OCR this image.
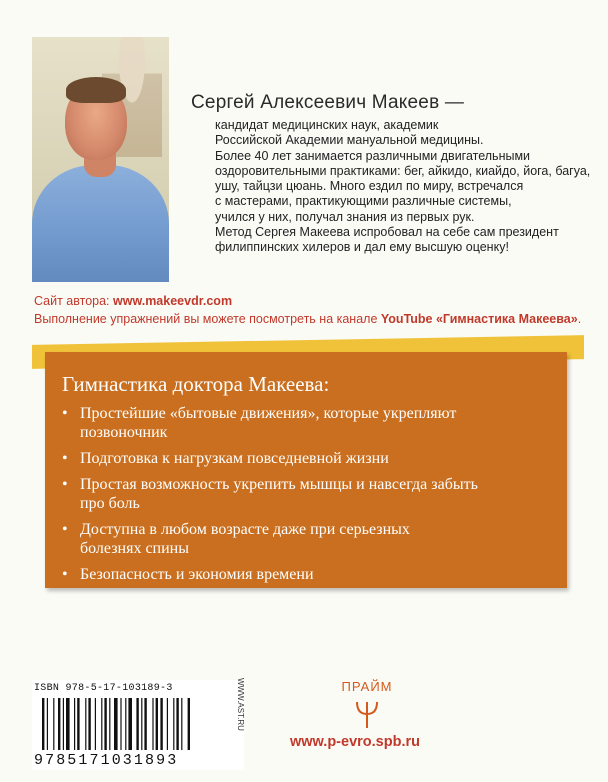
Сергей Алексеевич Макеев —
кандидат медицинских наук, академик
Российской Академии мануальной медицины.
Более 40 лет занимается различными двигательными
оздоровительными практиками: бег, айкидо, киайдо, йога, багуа,
ушу, тайцзи цюань. Много ездил по миру, встречался
с мастерами, практикующими различные системы,
учился у них, получал знания из первых рук.
Метод Сергея Макеева испробовал на себе сам президент
филиппинских хилеров и дал ему высшую оценку!
Сайт автора: www.makeevdr.com
Выполнение упражнений вы можете посмотреть на канале YouTube «Гимнастика Макеева».
Гимнастика доктора Макеева:
• Простейшие «бытовые движения», которые укрепляют
позвоночник
• Подготовка к нагрузкам повседневной жизни
• Простая возможность укрепить мышцы и навсегда забыть
про боль
• Доступна в любом возрасте даже при серьезных
болезнях спины
• Безопасность и экономия времени
ISBN 978-5-17-103189-3
9785171031893
WWW.AST.RU	ПРАЙМ
www.p-evro.spb.ru
